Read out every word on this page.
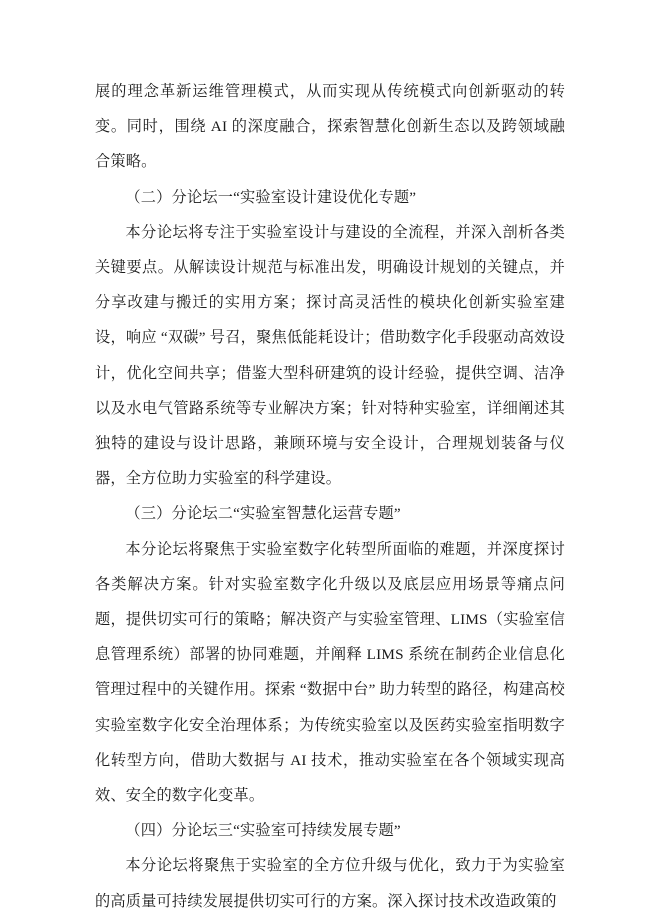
展的理念革新运维管理模式，从而实现从传统模式向创新驱动的转变。同时，围绕 AI 的深度融合，探索智慧化创新生态以及跨领域融合策略。

（二）分论坛一“实验室设计建设优化专题”

本分论坛将专注于实验室设计与建设的全流程，并深入剖析各类关键要点。从解读设计规范与标准出发，明确设计规划的关键点，并分享改建与搬迁的实用方案；探讨高灵活性的模块化创新实验室建设，响应 “双碳” 号召，聚焦低能耗设计；借助数字化手段驱动高效设计，优化空间共享；借鉴大型科研建筑的设计经验，提供空调、洁净以及水电气管路系统等专业解决方案；针对特种实验室，详细阐述其独特的建设与设计思路，兼顾环境与安全设计，合理规划装备与仪器，全方位助力实验室的科学建设。

（三）分论坛二“实验室智慧化运营专题”

本分论坛将聚焦于实验室数字化转型所面临的难题，并深度探讨各类解决方案。针对实验室数字化升级以及底层应用场景等痛点问题，提供切实可行的策略；解决资产与实验室管理、LIMS（实验室信息管理系统）部署的协同难题，并阐释 LIMS 系统在制药企业信息化管理过程中的关键作用。探索 “数据中台” 助力转型的路径，构建高校实验室数字化安全治理体系；为传统实验室以及医药实验室指明数字化转型方向，借助大数据与 AI 技术，推动实验室在各个领域实现高效、安全的数字化变革。

（四）分论坛三“实验室可持续发展专题”

本分论坛将聚焦于实验室的全方位升级与优化，致力于为实验室的高质量可持续发展提供切实可行的方案。深入探讨技术改造政策的
